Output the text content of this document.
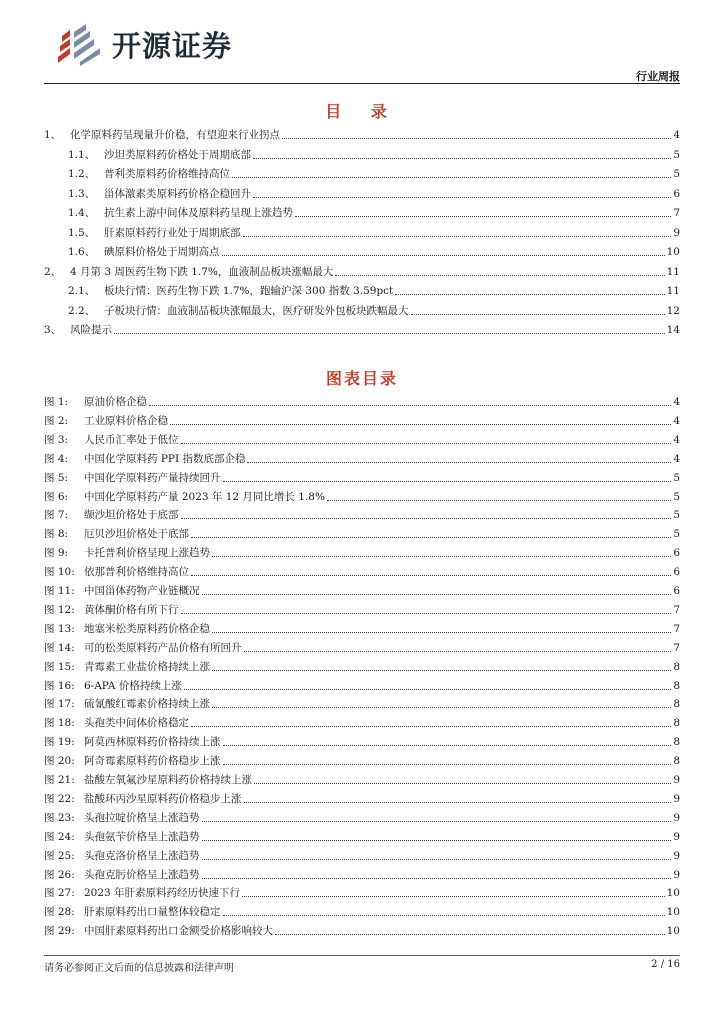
开源证券
行业周报
目 录
1、 化学原料药呈现量升价稳，有望迎来行业拐点	4
1.1、 沙坦类原料药价格处于周期底部	5
1.2、 普利类原料药价格维持高位	5
1.3、 甾体激素类原料药价格企稳回升	6
1.4、 抗生素上游中间体及原料药呈现上涨趋势	7
1.5、 肝素原料药行业处于周期底部	9
1.6、 碘原料价格处于周期高点	10
2、 4 月第 3 周医药生物下跌 1.7%，血液制品板块涨幅最大	11
2.1、 板块行情：医药生物下跌 1.7%，跑输沪深 300 指数 3.59pct	11
2.2、 子板块行情：血液制品板块涨幅最大，医疗研发外包板块跌幅最大	12
3、 风险提示	14
图表目录
图 1:	原油价格企稳	4
图 2:	工业原料价格企稳	4
图 3:	人民币汇率处于低位	4
图 4:	中国化学原料药 PPI 指数底部企稳	4
图 5:	中国化学原料药产量持续回升	5
图 6:	中国化学原料药产量 2023 年 12 月同比增长 1.8%	5
图 7:	缬沙坦价格处于底部	5
图 8:	厄贝沙坦价格处于底部	5
图 9:	卡托普利价格呈现上涨趋势	6
图 10: 依那普利价格维持高位	6
图 11: 中国甾体药物产业链概况	6
图 12: 黄体酮价格有所下行	7
图 13: 地塞米松类原料药价格企稳	7
图 14: 可的松类原料药产品价格有所回升	7
图 15: 青霉素工业盐价格持续上涨	8
图 16: 6-APA 价格持续上涨	8
图 17: 硫氰酸红霉素价格持续上涨	8
图 18: 头孢类中间体价格稳定	8
图 19: 阿莫西林原料药价格持续上涨	8
图 20: 阿奇霉素原料药价格稳步上涨	8
图 21: 盐酸左氧氟沙星原料药价格持续上涨	9
图 22: 盐酸环丙沙星原料药价格稳步上涨	9
图 23: 头孢拉啶价格呈上涨趋势	9
图 24: 头孢氨苄价格呈上涨趋势	9
图 25: 头孢克洛价格呈上涨趋势	9
图 26: 头孢克肟价格呈上涨趋势	9
图 27: 2023 年肝素原料药经历快速下行	10
图 28: 肝素原料药出口量整体较稳定	10
图 29: 中国肝素原料药出口金额受价格影响较大	10
请务必参阅正文后面的信息披露和法律声明	2 / 16
